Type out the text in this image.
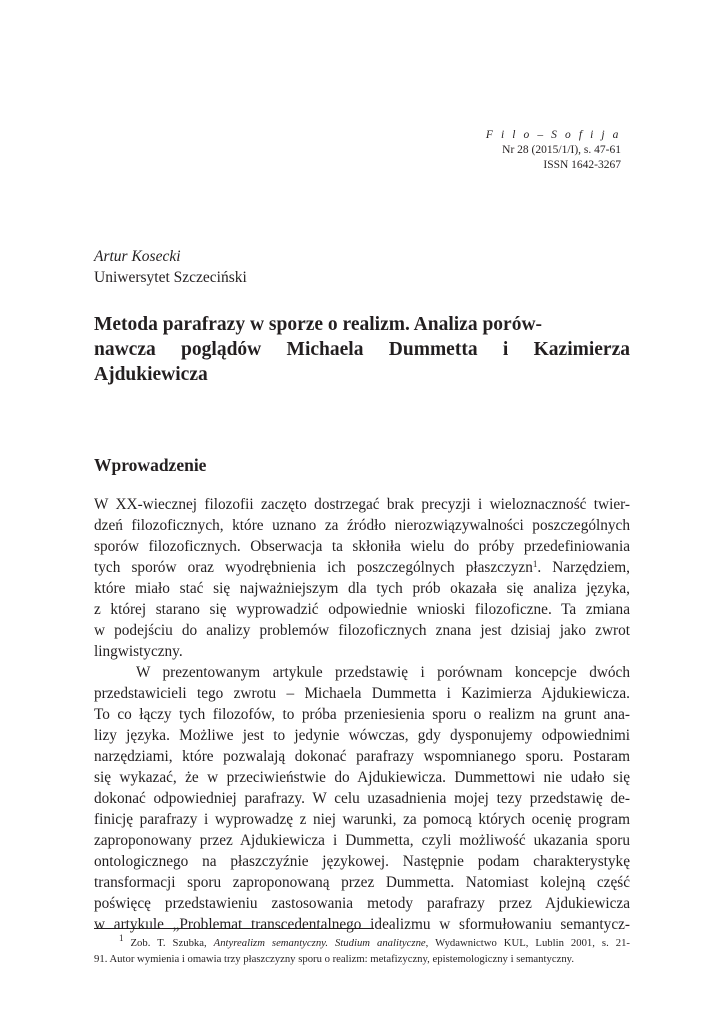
F i l o – S o f i j a
Nr 28 (2015/1/I), s. 47-61
ISSN 1642-3267
Artur Kosecki
Uniwersytet Szczeciński
Metoda parafrazy w sporze o realizm. Analiza porów-
nawcza poglądów Michaela Dummetta i Kazimierza
Ajdukiewicza
Wprowadzenie
W XX-wiecznej filozofii zaczęto dostrzegać brak precyzji i wieloznaczność twier-
dzeń filozoficznych, które uznano za źródło nierozwiązywalności poszczególnych
sporów filozoficznych. Obserwacja ta skłoniła wielu do próby przedefiniowania
tych sporów oraz wyodrębnienia ich poszczególnych płaszczyzn$^1$. Narzędziem,
które miało stać się najważniejszym dla tych prób okazała się analiza języka,
z której starano się wyprowadzić odpowiednie wnioski filozoficzne. Ta zmiana
w podejściu do analizy problemów filozoficznych znana jest dzisiaj jako zwrot
lingwistyczny.
W prezentowanym artykule przedstawię i porównam koncepcje dwóch
przedstawicieli tego zwrotu – Michaela Dummetta i Kazimierza Ajdukiewicza.
To co łączy tych filozofów, to próba przeniesienia sporu o realizm na grunt ana-
lizy języka. Możliwe jest to jedynie wówczas, gdy dysponujemy odpowiednimi
narzędziami, które pozwalają dokonać parafrazy wspomnianego sporu. Postaram
się wykazać, że w przeciwieństwie do Ajdukiewicza. Dummettowi nie udało się
dokonać odpowiedniej parafrazy. W celu uzasadnienia mojej tezy przedstawię de-
finicję parafrazy i wyprowadzę z niej warunki, za pomocą których ocenię program
zaproponowany przez Ajdukiewicza i Dummetta, czyli możliwość ukazania sporu
ontologicznego na płaszczyźnie językowej. Następnie podam charakterystykę
transformacji sporu zaproponowaną przez Dummetta. Natomiast kolejną część
poświęcę przedstawieniu zastosowania metody parafrazy przez Ajdukiewicza
w artykule „Problemat transcedentalnego idealizmu w sformułowaniu semantycz-
$^1$ Zob. T. Szubka, Antyrealizm semantyczny. Studium analityczne, Wydawnictwo KUL, Lublin 2001, s. 21-
91. Autor wymienia i omawia trzy płaszczyzny sporu o realizm: metafizyczny, epistemologiczny i semantyczny.
